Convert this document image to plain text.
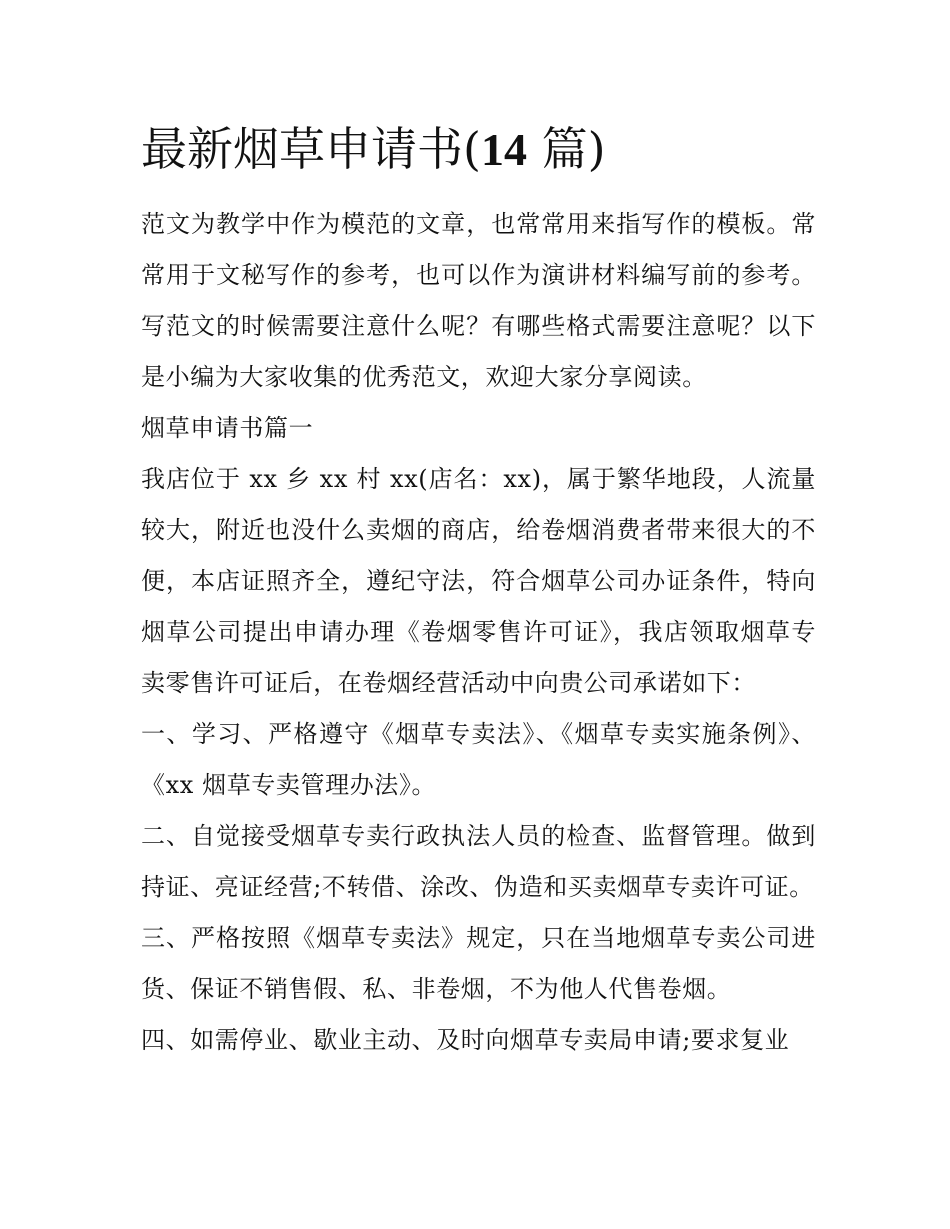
最新烟草申请书(14 篇)

范文为教学中作为模范的文章，也常常用来指写作的模板。常常用于文秘写作的参考，也可以作为演讲材料编写前的参考。写范文的时候需要注意什么呢？有哪些格式需要注意呢？以下是小编为大家收集的优秀范文，欢迎大家分享阅读。

烟草申请书篇一

我店位于 xx 乡 xx 村 xx(店名：xx)，属于繁华地段，人流量较大，附近也没什么卖烟的商店，给卷烟消费者带来很大的不便，本店证照齐全，遵纪守法，符合烟草公司办证条件，特向烟草公司提出申请办理《卷烟零售许可证》，我店领取烟草专卖零售许可证后，在卷烟经营活动中向贵公司承诺如下：

一、学习、严格遵守《烟草专卖法》、《烟草专卖实施条例》、 《xx 烟草专卖管理办法》。

二、自觉接受烟草专卖行政执法人员的检查、监督管理。做到持证、亮证经营;不转借、涂改、伪造和买卖烟草专卖许可证。

三、严格按照《烟草专卖法》规定，只在当地烟草专卖公司进货、保证不销售假、私、非卷烟，不为他人代售卷烟。

四、如需停业、歇业主动、及时向烟草专卖局申请;要求复业
